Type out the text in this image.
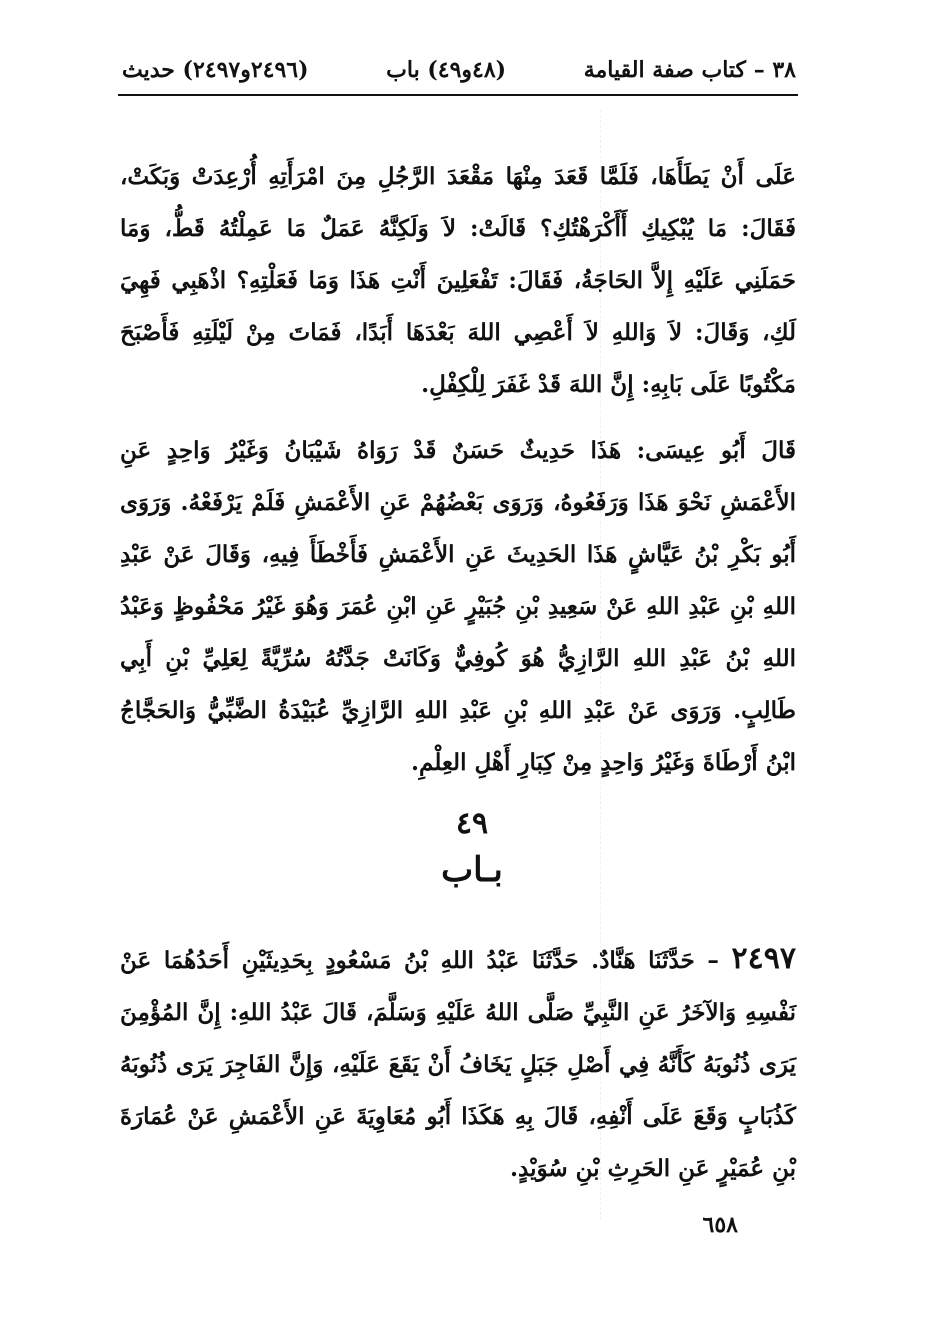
٣٨ – كتاب صفة القيامة
(٤٨و٤٩) باب
(٢٤٩٦و٢٤٩٧) حديث

عَلَى أَنْ يَطَأَهَا، فَلَمَّا قَعَدَ مِنْهَا مَقْعَدَ الرَّجُلِ مِنَ امْرَأَتِهِ أُرْعِدَتْ وَبَكَتْ، فَقَالَ: مَا يُبْكِيكِ أَأَكْرَهْتُكِ؟ قَالَتْ: لاَ وَلَكِنَّهُ عَمَلٌ مَا عَمِلْتُهُ قَطُّ، وَمَا حَمَلَنِي عَلَيْهِ إِلاَّ الحَاجَةُ، فَقَالَ: تَفْعَلِينَ أَنْتِ هَذَا وَمَا فَعَلْتِهِ؟ اذْهَبِي فَهِيَ لَكِ، وَقَالَ: لاَ وَاللهِ لاَ أَعْصِي اللهَ بَعْدَهَا أَبَدًا، فَمَاتَ مِنْ لَيْلَتِهِ فَأَصْبَحَ مَكْتُوبًا عَلَى بَابِهِ: إِنَّ اللهَ قَدْ غَفَرَ لِلْكِفْلِ.

قَالَ أَبُو عِيسَى: هَذَا حَدِيثٌ حَسَنٌ قَدْ رَوَاهُ شَيْبَانُ وَغَيْرُ وَاحِدٍ عَنِ الأَعْمَشِ نَحْوَ هَذَا وَرَفَعُوهُ، وَرَوَى بَعْضُهُمْ عَنِ الأَعْمَشِ فَلَمْ يَرْفَعْهُ. وَرَوَى أَبُو بَكْرِ بْنُ عَيَّاشٍ هَذَا الحَدِيثَ عَنِ الأَعْمَشِ فَأَخْطَأَ فِيهِ، وَقَالَ عَنْ عَبْدِ اللهِ بْنِ عَبْدِ اللهِ عَنْ سَعِيدِ بْنِ جُبَيْرٍ عَنِ ابْنِ عُمَرَ وَهُوَ غَيْرُ مَحْفُوظٍ وَعَبْدُ اللهِ بْنُ عَبْدِ اللهِ الرَّازِيُّ هُوَ كُوفِيٌّ وَكَانَتْ جَدَّتُهُ سُرِّيَّةً لِعَلِيِّ بْنِ أَبِي طَالِبٍ. وَرَوَى عَنْ عَبْدِ اللهِ بْنِ عَبْدِ اللهِ الرَّازِيِّ عُبَيْدَةُ الضَّبِّيُّ وَالحَجَّاجُ ابْنُ أَرْطَاةَ وَغَيْرُ وَاحِدٍ مِنْ كِبَارِ أَهْلِ العِلْمِ.

٤٩
بـاب

٢٤٩٧ – حَدَّثَنَا هَنَّادٌ. حَدَّثَنَا عَبْدُ اللهِ بْنُ مَسْعُودٍ بِحَدِيثَيْنِ أَحَدُهُمَا عَنْ نَفْسِهِ وَالآخَرُ عَنِ النَّبِيِّ صَلَّى اللهُ عَلَيْهِ وَسَلَّمَ، قَالَ عَبْدُ اللهِ: إِنَّ المُؤْمِنَ يَرَى ذُنُوبَهُ كَأَنَّهُ فِي أَصْلِ جَبَلٍ يَخَافُ أَنْ يَقَعَ عَلَيْهِ، وَإِنَّ الفَاجِرَ يَرَى ذُنُوبَهُ كَذُبَابٍ وَقَعَ عَلَى أَنْفِهِ، قَالَ بِهِ هَكَذَا أَبُو مُعَاوِيَةَ عَنِ الأَعْمَشِ عَنْ عُمَارَةَ بْنِ عُمَيْرٍ عَنِ الحَرِثِ بْنِ سُوَيْدٍ.

٦٥٨
